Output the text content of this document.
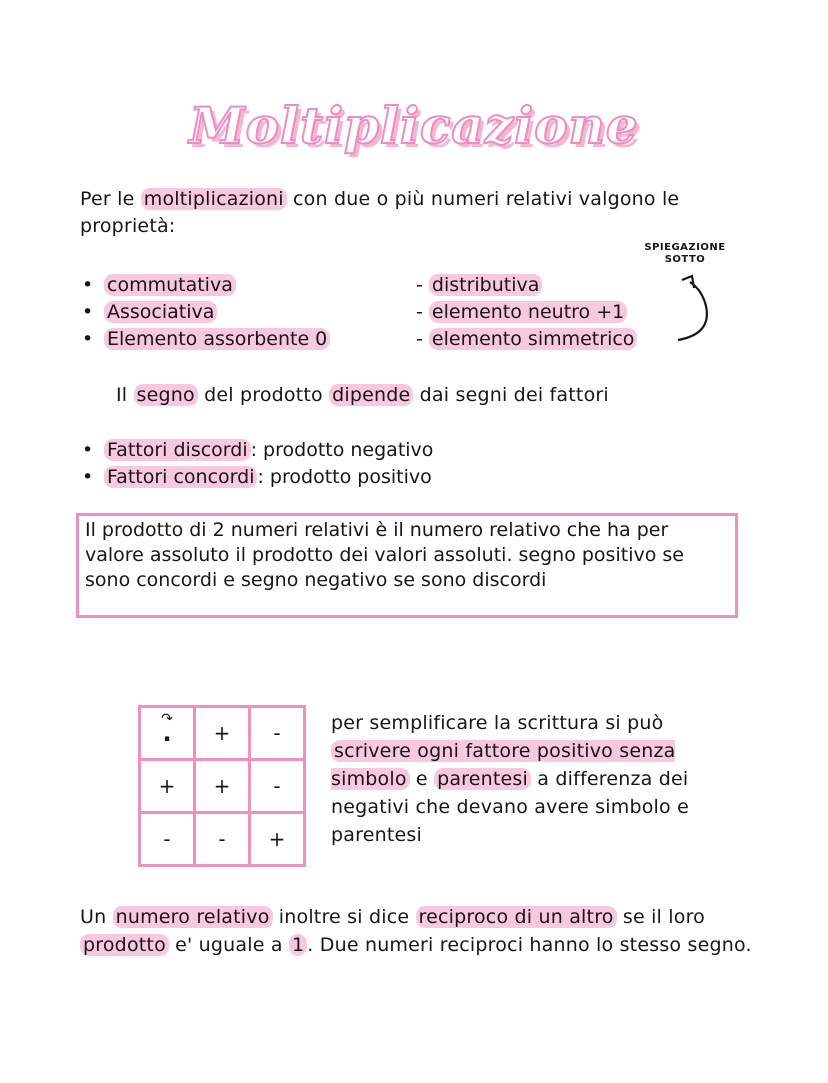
Moltiplicazione
Per le moltiplicazioni con due o più numeri relativi valgono le proprietà:
SPIEGAZIONE
SOTTO
• commutativa
• Associativa
• Elemento assorbente 0
- distributiva
- elemento neutro +1
- elemento simmetrico
Il segno del prodotto dipende dai segni dei fattori
• Fattori discordi : prodotto negativo
• Fattori concordi : prodotto positivo
Il prodotto di 2 numeri relativi è il numero relativo che ha per valore assoluto il prodotto dei valori assoluti. segno positivo se sono concordi e segno negativo se sono discordi
↷
·	+	-
+	+	-
-	-	+
per semplificare la scrittura si può scrivere ogni fattore positivo senza simbolo e parentesi a differenza dei negativi che devano avere simbolo e parentesi
Un numero relativo inoltre si dice reciproco di un altro se il loro prodotto e' uguale a 1 . Due numeri reciproci hanno lo stesso segno.
